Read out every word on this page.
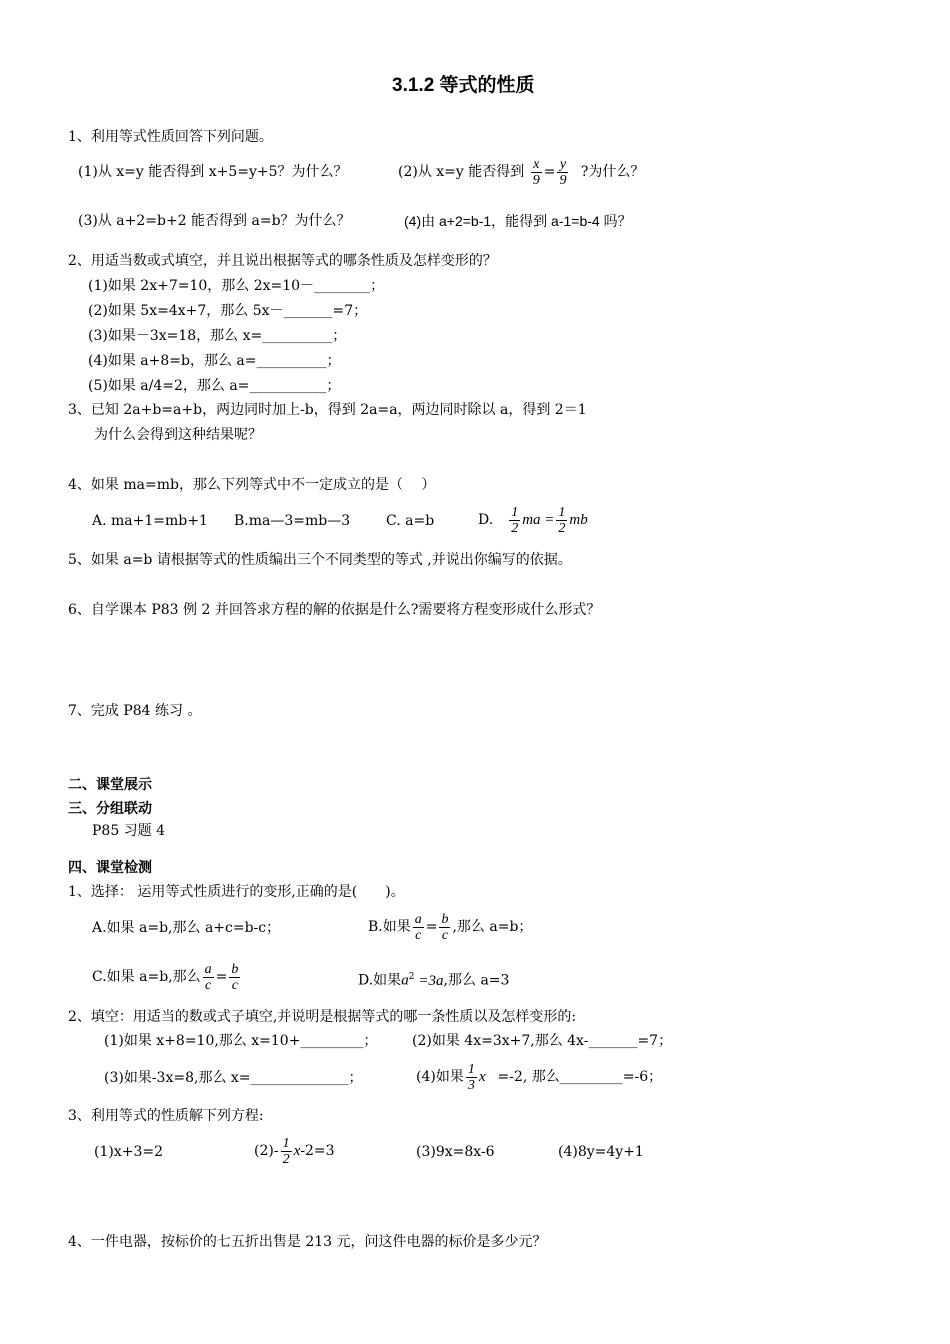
3.1.2 等式的性质
1、利用等式性质回答下列问题。
(1)从 x=y 能否得到 x+5=y+5？为什么？	(2)从 x=y 能否得到 $\frac{x}{9} = \frac{y}{9}$ ?为什么？
(3)从 a+2=b+2 能否得到 a=b？为什么？	(4)由 a+2=b-1，能得到 a-1=b-4 吗？
2、用适当数或式填空，并且说出根据等式的哪条性质及怎样变形的？
(1)如果 2x+7=10，那么 2x=10－________；
(2)如果 5x=4x+7，那么 5x－_______=7；
(3)如果－3x=18，那么 x=__________；
(4)如果 a+8=b，那么 a=__________；
(5)如果 a/4=2，那么 a=___________；
3、已知 2a+b=a+b，两边同时加上-b，得到 2a=a，两边同时除以 a，得到 2＝1
为什么会得到这种结果呢？
4、如果 ma=mb，那么下列等式中不一定成立的是（　 ）
A. ma+1=mb+1 B.ma—3=mb—3	C. a=b	D. $\frac{1}{2}$ ma = $\frac{1}{2}$ mb
5、如果 a=b 请根据等式的性质编出三个不同类型的等式 ,并说出你编写的依据。
6、自学课本 P83 例 2 并回答求方程的解的依据是什么?需要将方程变形成什么形式？
7、完成 P84 练习 。
二、课堂展示
三、分组联动
P85 习题 4
四、课堂检测
1、选择： 运用等式性质进行的变形,正确的是(　　)。
A.如果 a=b,那么 a+c=b-c；	B.如果 $\frac{a}{c} = \frac{b}{c}$ ,那么 a=b；
C.如果 a=b,那么 $\frac{a}{c} = \frac{b}{c}$	D.如果$a^2 =3a$,那么 a=3
2、填空：用适当的数或式子填空,并说明是根据等式的哪一条性质以及怎样变形的:
(1)如果 x+8=10,那么 x=10+_________； (2)如果 4x=3x+7,那么 4x-_______=7；
(3)如果-3x=8,那么 x=______________；	(4)如果 $\frac{1}{3}$ x =-2, 那么_________=-6；
3、利用等式的性质解下列方程:
(1)x+3=2	$(2)- \frac{1}{2} x-2=3$	(3)9x=8x-6	(4)8y=4y+1
4、一件电器，按标价的七五折出售是 213 元，问这件电器的标价是多少元？
